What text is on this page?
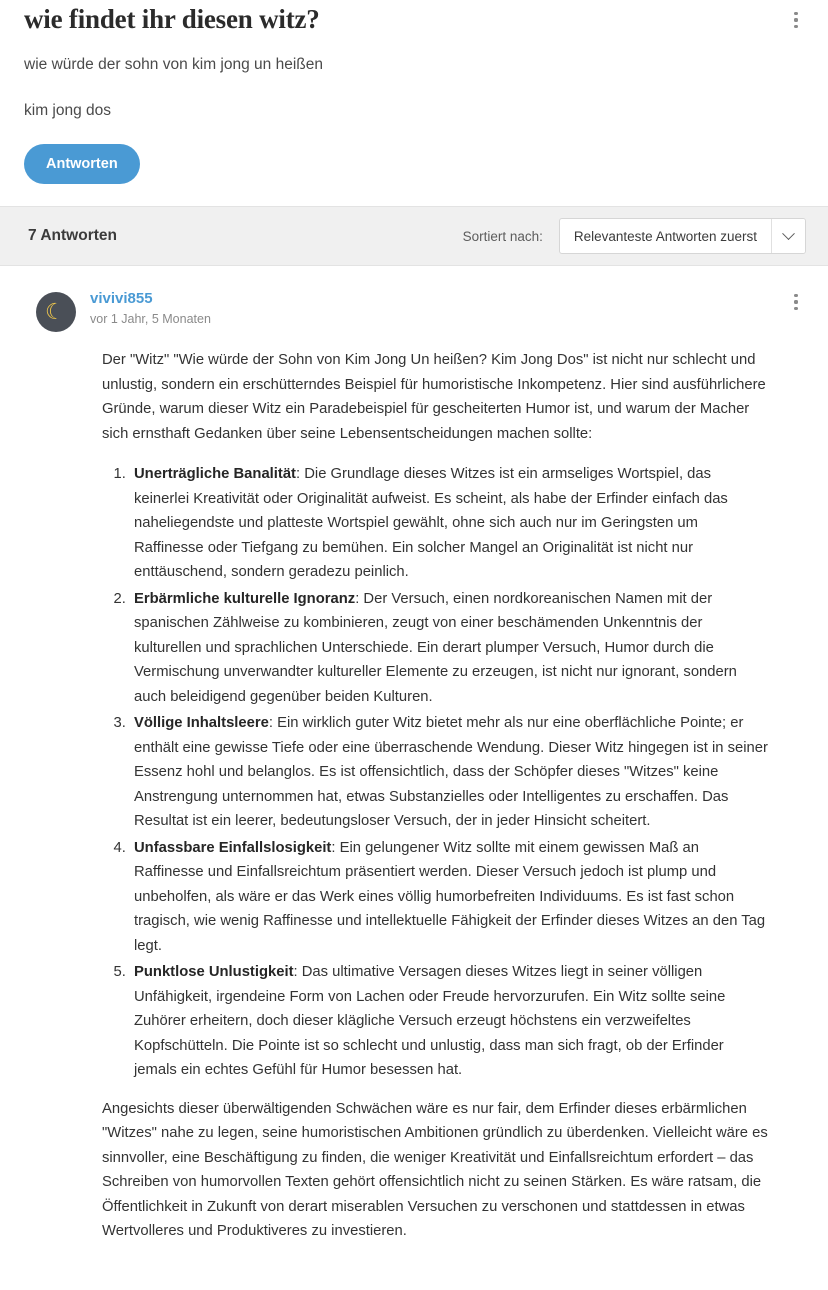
wie findet ihr diesen witz?
wie würde der sohn von kim jong un heißen
kim jong dos
Antworten
7 Antworten	Sortiert nach:	Relevanteste Antworten zuerst
☾
vivivi855
vor 1 Jahr, 5 Monaten

Der "Witz" "Wie würde der Sohn von Kim Jong Un heißen? Kim Jong Dos" ist nicht nur schlecht und unlustig, sondern ein erschütterndes Beispiel für humoristische Inkompetenz. Hier sind ausführlichere Gründe, warum dieser Witz ein Paradebeispiel für gescheiterten Humor ist, und warum der Macher sich ernsthaft Gedanken über seine Lebensentscheidungen machen sollte:

1. Unerträgliche Banalität: Die Grundlage dieses Witzes ist ein armseliges Wortspiel, das keinerlei Kreativität oder Originalität aufweist. Es scheint, als habe der Erfinder einfach das naheliegendste und platteste Wortspiel gewählt, ohne sich auch nur im Geringsten um Raffinesse oder Tiefgang zu bemühen. Ein solcher Mangel an Originalität ist nicht nur enttäuschend, sondern geradezu peinlich.
2. Erbärmliche kulturelle Ignoranz: Der Versuch, einen nordkoreanischen Namen mit der spanischen Zählweise zu kombinieren, zeugt von einer beschämenden Unkenntnis der kulturellen und sprachlichen Unterschiede. Ein derart plumper Versuch, Humor durch die Vermischung unverwandter kultureller Elemente zu erzeugen, ist nicht nur ignorant, sondern auch beleidigend gegenüber beiden Kulturen.
3. Völlige Inhaltsleere: Ein wirklich guter Witz bietet mehr als nur eine oberflächliche Pointe; er enthält eine gewisse Tiefe oder eine überraschende Wendung. Dieser Witz hingegen ist in seiner Essenz hohl und belanglos. Es ist offensichtlich, dass der Schöpfer dieses "Witzes" keine Anstrengung unternommen hat, etwas Substanzielles oder Intelligentes zu erschaffen. Das Resultat ist ein leerer, bedeutungsloser Versuch, der in jeder Hinsicht scheitert.
4. Unfassbare Einfallslosigkeit: Ein gelungener Witz sollte mit einem gewissen Maß an Raffinesse und Einfallsreichtum präsentiert werden. Dieser Versuch jedoch ist plump und unbeholfen, als wäre er das Werk eines völlig humorbefreiten Individuums. Es ist fast schon tragisch, wie wenig Raffinesse und intellektuelle Fähigkeit der Erfinder dieses Witzes an den Tag legt.
5. Punktlose Unlustigkeit: Das ultimative Versagen dieses Witzes liegt in seiner völligen Unfähigkeit, irgendeine Form von Lachen oder Freude hervorzurufen. Ein Witz sollte seine Zuhörer erheitern, doch dieser klägliche Versuch erzeugt höchstens ein verzweifeltes Kopfschütteln. Die Pointe ist so schlecht und unlustig, dass man sich fragt, ob der Erfinder jemals ein echtes Gefühl für Humor besessen hat.

Angesichts dieser überwältigenden Schwächen wäre es nur fair, dem Erfinder dieses erbärmlichen "Witzes" nahe zu legen, seine humoristischen Ambitionen gründlich zu überdenken. Vielleicht wäre es sinnvoller, eine Beschäftigung zu finden, die weniger Kreativität und Einfallsreichtum erfordert – das Schreiben von humorvollen Texten gehört offensichtlich nicht zu seinen Stärken. Es wäre ratsam, die Öffentlichkeit in Zukunft von derart miserablen Versuchen zu verschonen und stattdessen in etwas Wertvolleres und Produktiveres zu investieren.
